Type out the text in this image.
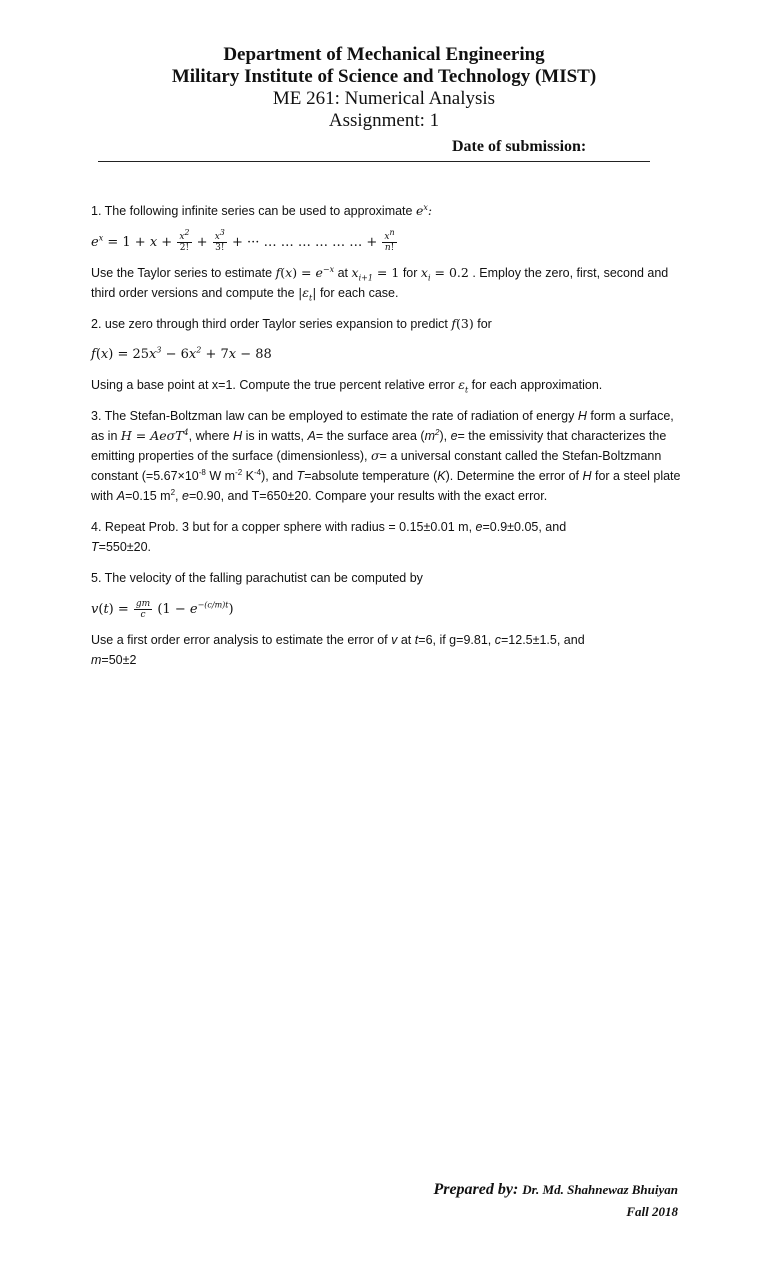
Department of Mechanical Engineering
Military Institute of Science and Technology (MIST)
ME 261: Numerical Analysis
Assignment: 1
Date of submission:

1. The following infinite series can be used to approximate $e^x$:

$e^x = 1 + x + \frac{x^2}{2!} + \frac{x^3}{3!}$ + ··· … … … … … … + $\frac{x^n}{n!}$

Use the Taylor series to estimate $f(x) = e^{-x}$ at $x_{i+1} = 1$ for $x_i = 0.2$ . Employ the zero, first, second and third order versions and compute the $|\varepsilon_t|$ for each case.

2. use zero through third order Taylor series expansion to predict f(3) for

$f(x) = 25x^3 - 6x^2 + 7x - 88$

Using a base point at x=1. Compute the true percent relative error $\varepsilon_t$ for each approximation.

3. The Stefan-Boltzman law can be employed to estimate the rate of radiation of energy H form a surface, as in H = AeσT$^4$, where H is in watts, A= the surface area $(m^2)$, e= the emissivity that characterizes the emitting properties of the surface (dimensionless), σ= a universal constant called the Stefan-Boltzmann constant ($=5.67\times 10^{-8}$ W $m^{-2}$ $K^{-4}$), and T=absolute temperature (K). Determine the error of H for a steel plate with A=0.15 $m^2$, e=0.90, and T=650±20. Compare your results with the exact error.

4. Repeat Prob. 3 but for a copper sphere with radius = 0.15±0.01 m, e=0.9±0.05, and
T=550±20.

5. The velocity of the falling parachutist can be computed by

$v(t) = \frac{gm}{c} (1 - e^{-(c/m)t})$

Use a first order error analysis to estimate the error of v at t=6, if g=9.81, c=12.5±1.5, and
m=50±2

Prepared by: Dr. Md. Shahnewaz Bhuiyan
Fall 2018
